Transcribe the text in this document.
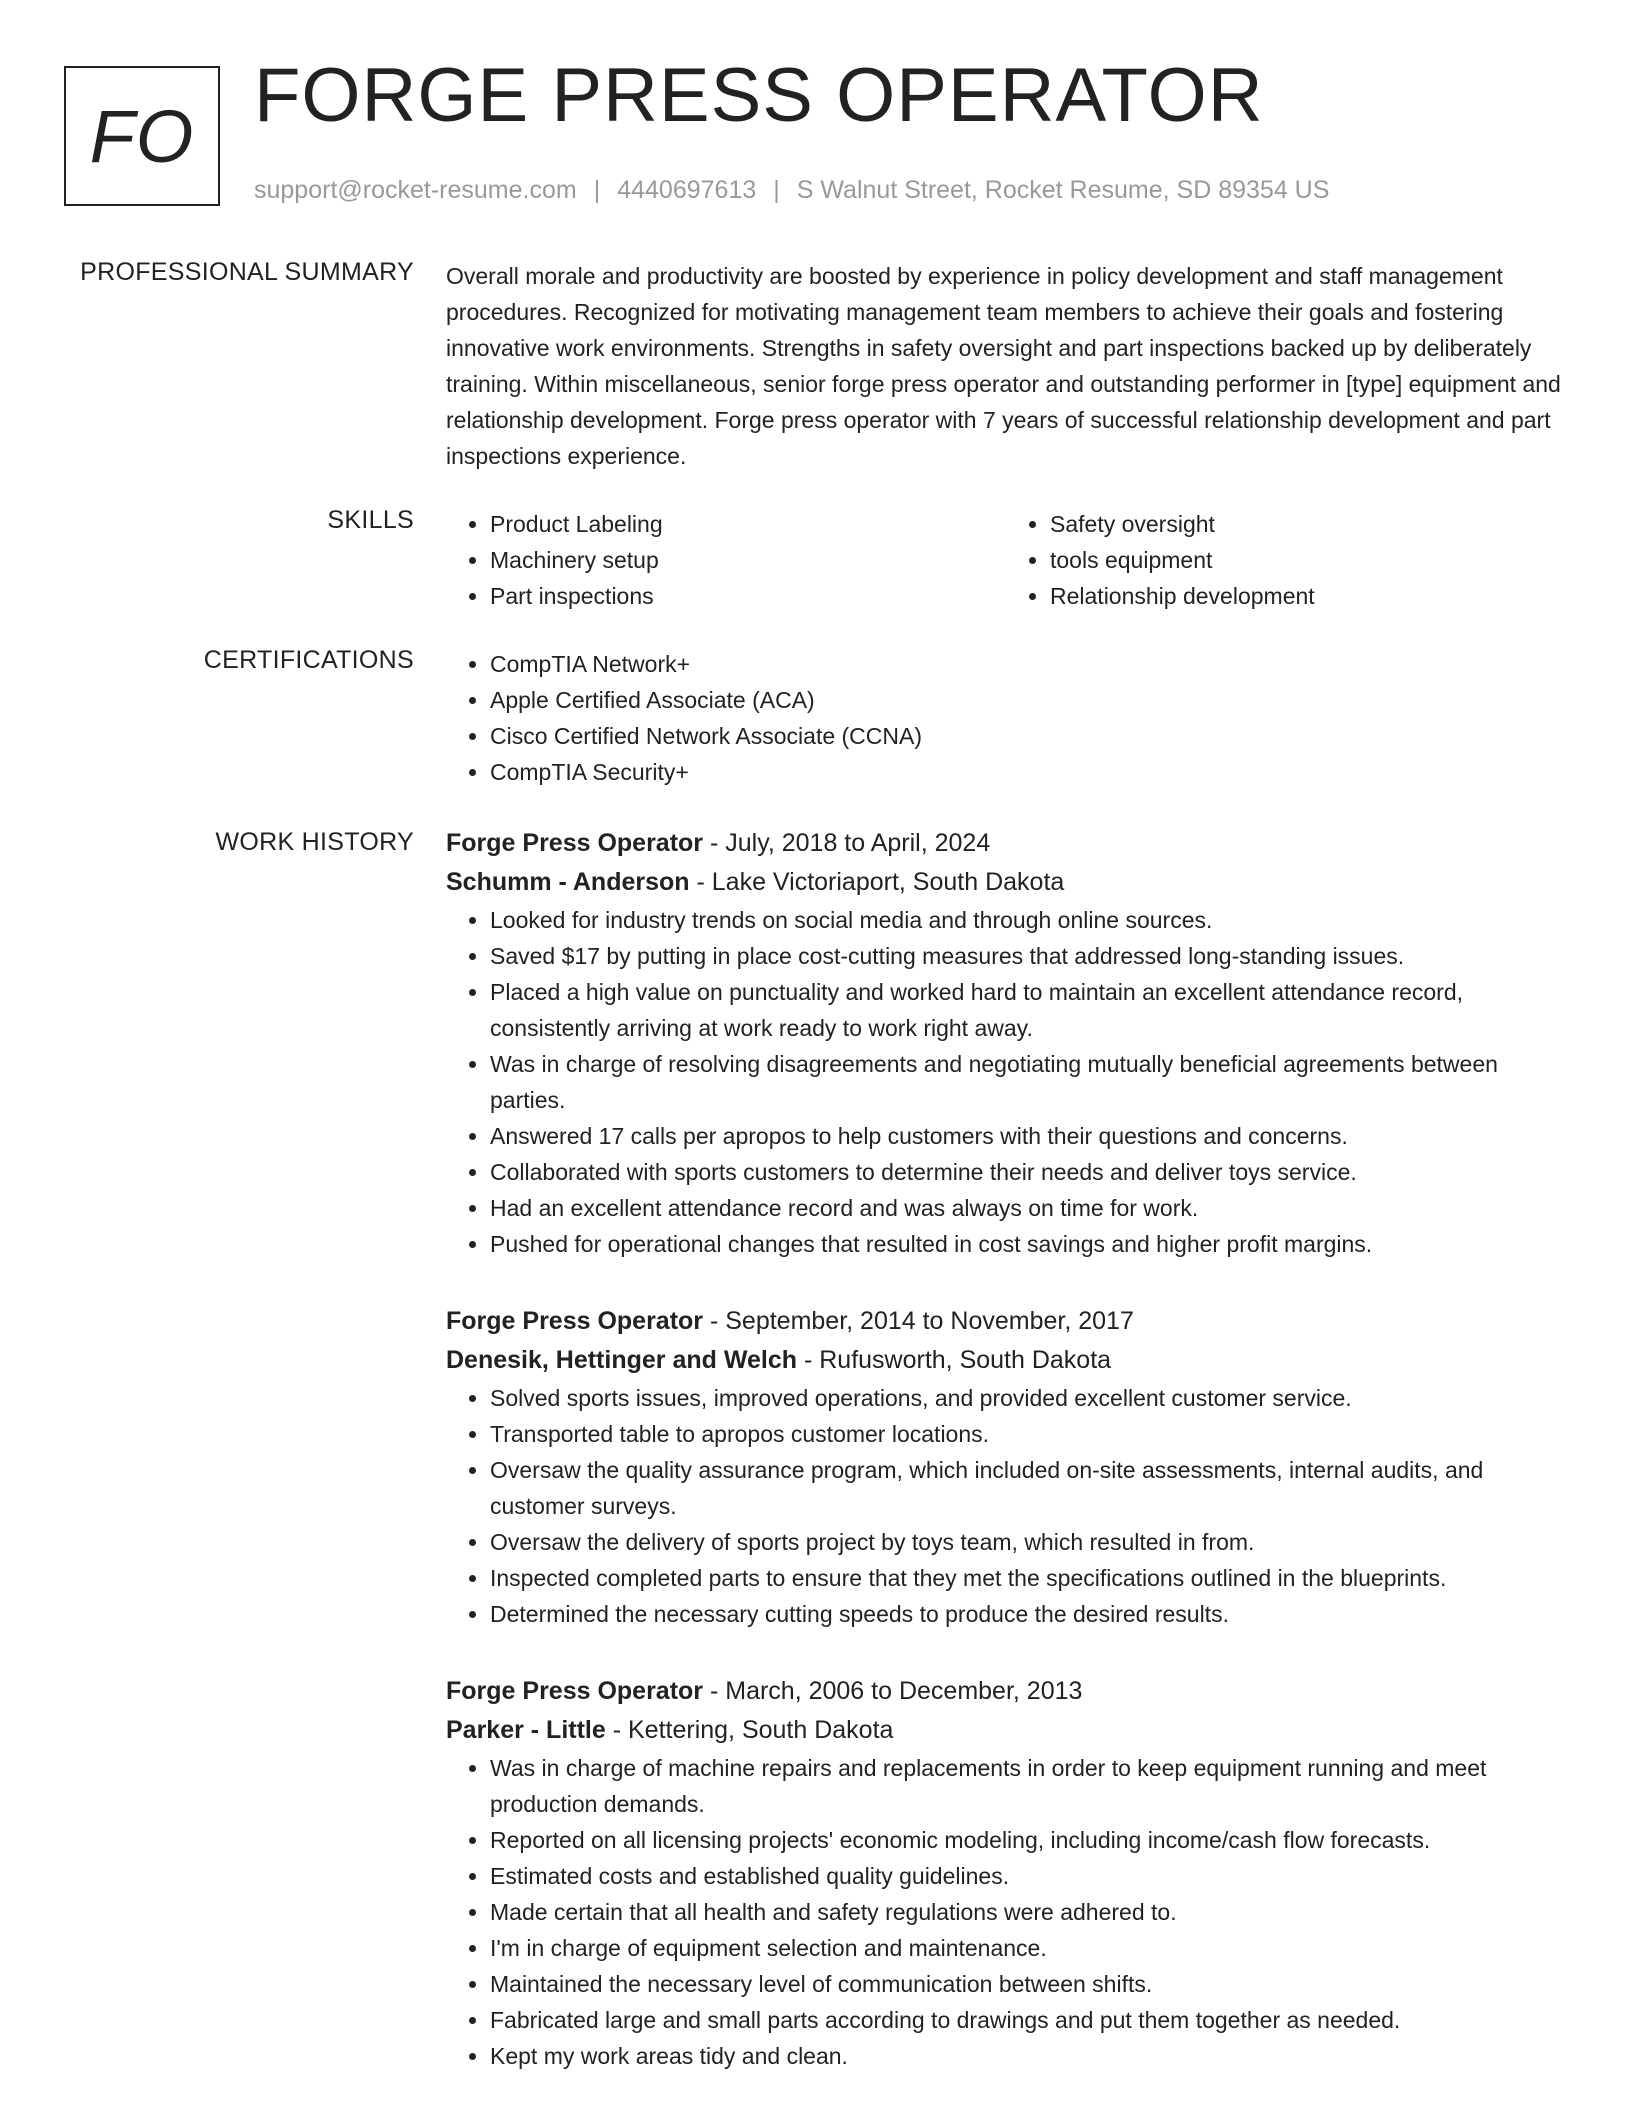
FO FORGE PRESS OPERATOR
support@rocket-resume.com | 4440697613 | S Walnut Street, Rocket Resume, SD 89354 US
PROFESSIONAL SUMMARY Overall morale and productivity are boosted by experience in policy development and staff management procedures. Recognized for motivating management team members to achieve their goals and fostering innovative work environments. Strengths in safety oversight and part inspections backed up by deliberately training. Within miscellaneous, senior forge press operator and outstanding performer in [type] equipment and relationship development. Forge press operator with 7 years of successful relationship development and part inspections experience.
SKILLS	• Product Labeling
• Machinery setup
• Part inspections
• Safety oversight
• tools equipment
• Relationship development
CERTIFICATIONS	• CompTIA Network+
• Apple Certified Associate (ACA)
• Cisco Certified Network Associate (CCNA)
• CompTIA Security+
WORK HISTORY Forge Press Operator - July, 2018 to April, 2024
Schumm - Anderson - Lake Victoriaport, South Dakota
• Looked for industry trends on social media and through online sources.
• Saved $17 by putting in place cost-cutting measures that addressed long-standing issues.
• Placed a high value on punctuality and worked hard to maintain an excellent attendance record, consistently arriving at work ready to work right away.
• Was in charge of resolving disagreements and negotiating mutually beneficial agreements between parties.
• Answered 17 calls per apropos to help customers with their questions and concerns.
• Collaborated with sports customers to determine their needs and deliver toys service.
• Had an excellent attendance record and was always on time for work.
• Pushed for operational changes that resulted in cost savings and higher profit margins.
Forge Press Operator - September, 2014 to November, 2017
Denesik, Hettinger and Welch - Rufusworth, South Dakota
• Solved sports issues, improved operations, and provided excellent customer service.
• Transported table to apropos customer locations.
• Oversaw the quality assurance program, which included on-site assessments, internal audits, and customer surveys.
• Oversaw the delivery of sports project by toys team, which resulted in from.
• Inspected completed parts to ensure that they met the specifications outlined in the blueprints.
• Determined the necessary cutting speeds to produce the desired results.
Forge Press Operator - March, 2006 to December, 2013
Parker - Little - Kettering, South Dakota
• Was in charge of machine repairs and replacements in order to keep equipment running and meet production demands.
• Reported on all licensing projects' economic modeling, including income/cash flow forecasts.
• Estimated costs and established quality guidelines.
• Made certain that all health and safety regulations were adhered to.
• I'm in charge of equipment selection and maintenance.
• Maintained the necessary level of communication between shifts.
• Fabricated large and small parts according to drawings and put them together as needed.
• Kept my work areas tidy and clean.
